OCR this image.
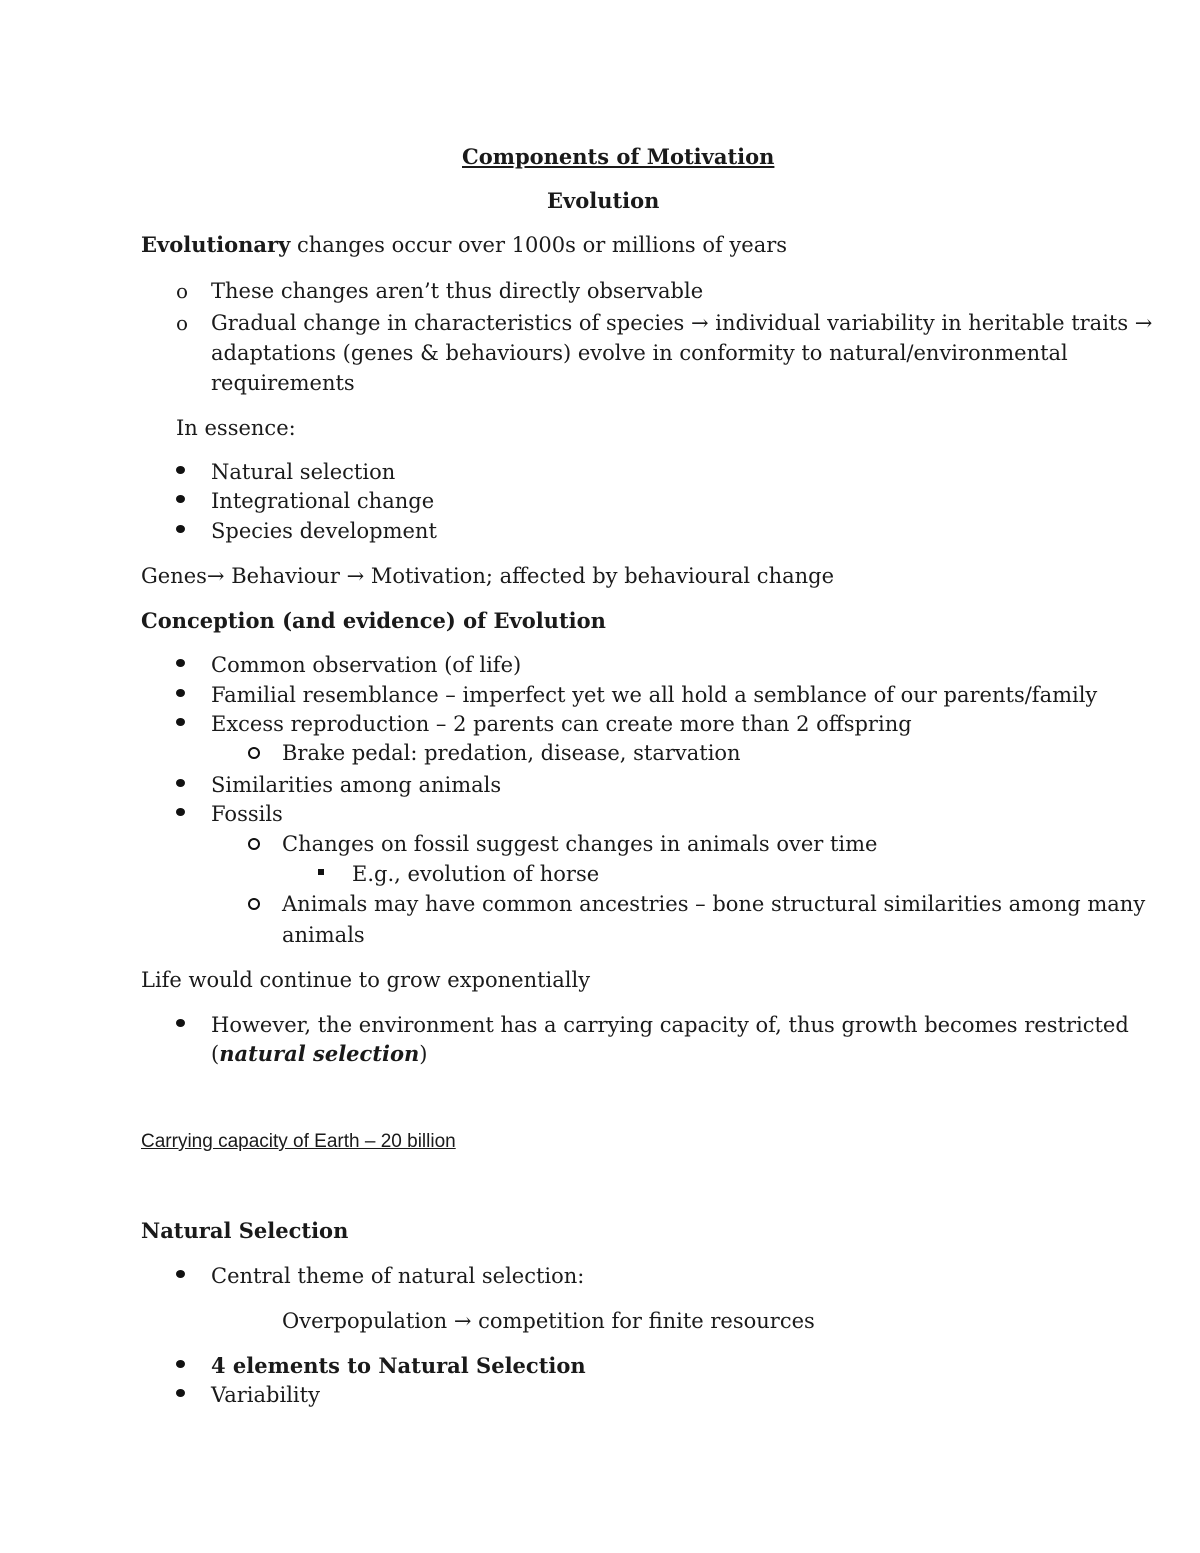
Components of Motivation
Evolution
Evolutionary changes occur over 1000s or millions of years
o These changes aren’t thus directly observable
o Gradual change in characteristics of species → individual variability in heritable traits →
adaptations (genes & behaviours) evolve in conformity to natural/environmental
requirements
In essence:
Natural selection
Integrational change
Species development
Genes→ Behaviour → Motivation; affected by behavioural change
Conception (and evidence) of Evolution
Common observation (of life)
Familial resemblance – imperfect yet we all hold a semblance of our parents/family
Excess reproduction – 2 parents can create more than 2 offspring
Brake pedal: predation, disease, starvation
Similarities among animals
Fossils
Changes on fossil suggest changes in animals over time
E.g., evolution of horse
Animals may have common ancestries – bone structural similarities among many
animals
Life would continue to grow exponentially
However, the environment has a carrying capacity of, thus growth becomes restricted
(natural selection)
Carrying capacity of Earth – 20 billion
Natural Selection
Central theme of natural selection:
Overpopulation → competition for finite resources
4 elements to Natural Selection
Variability
